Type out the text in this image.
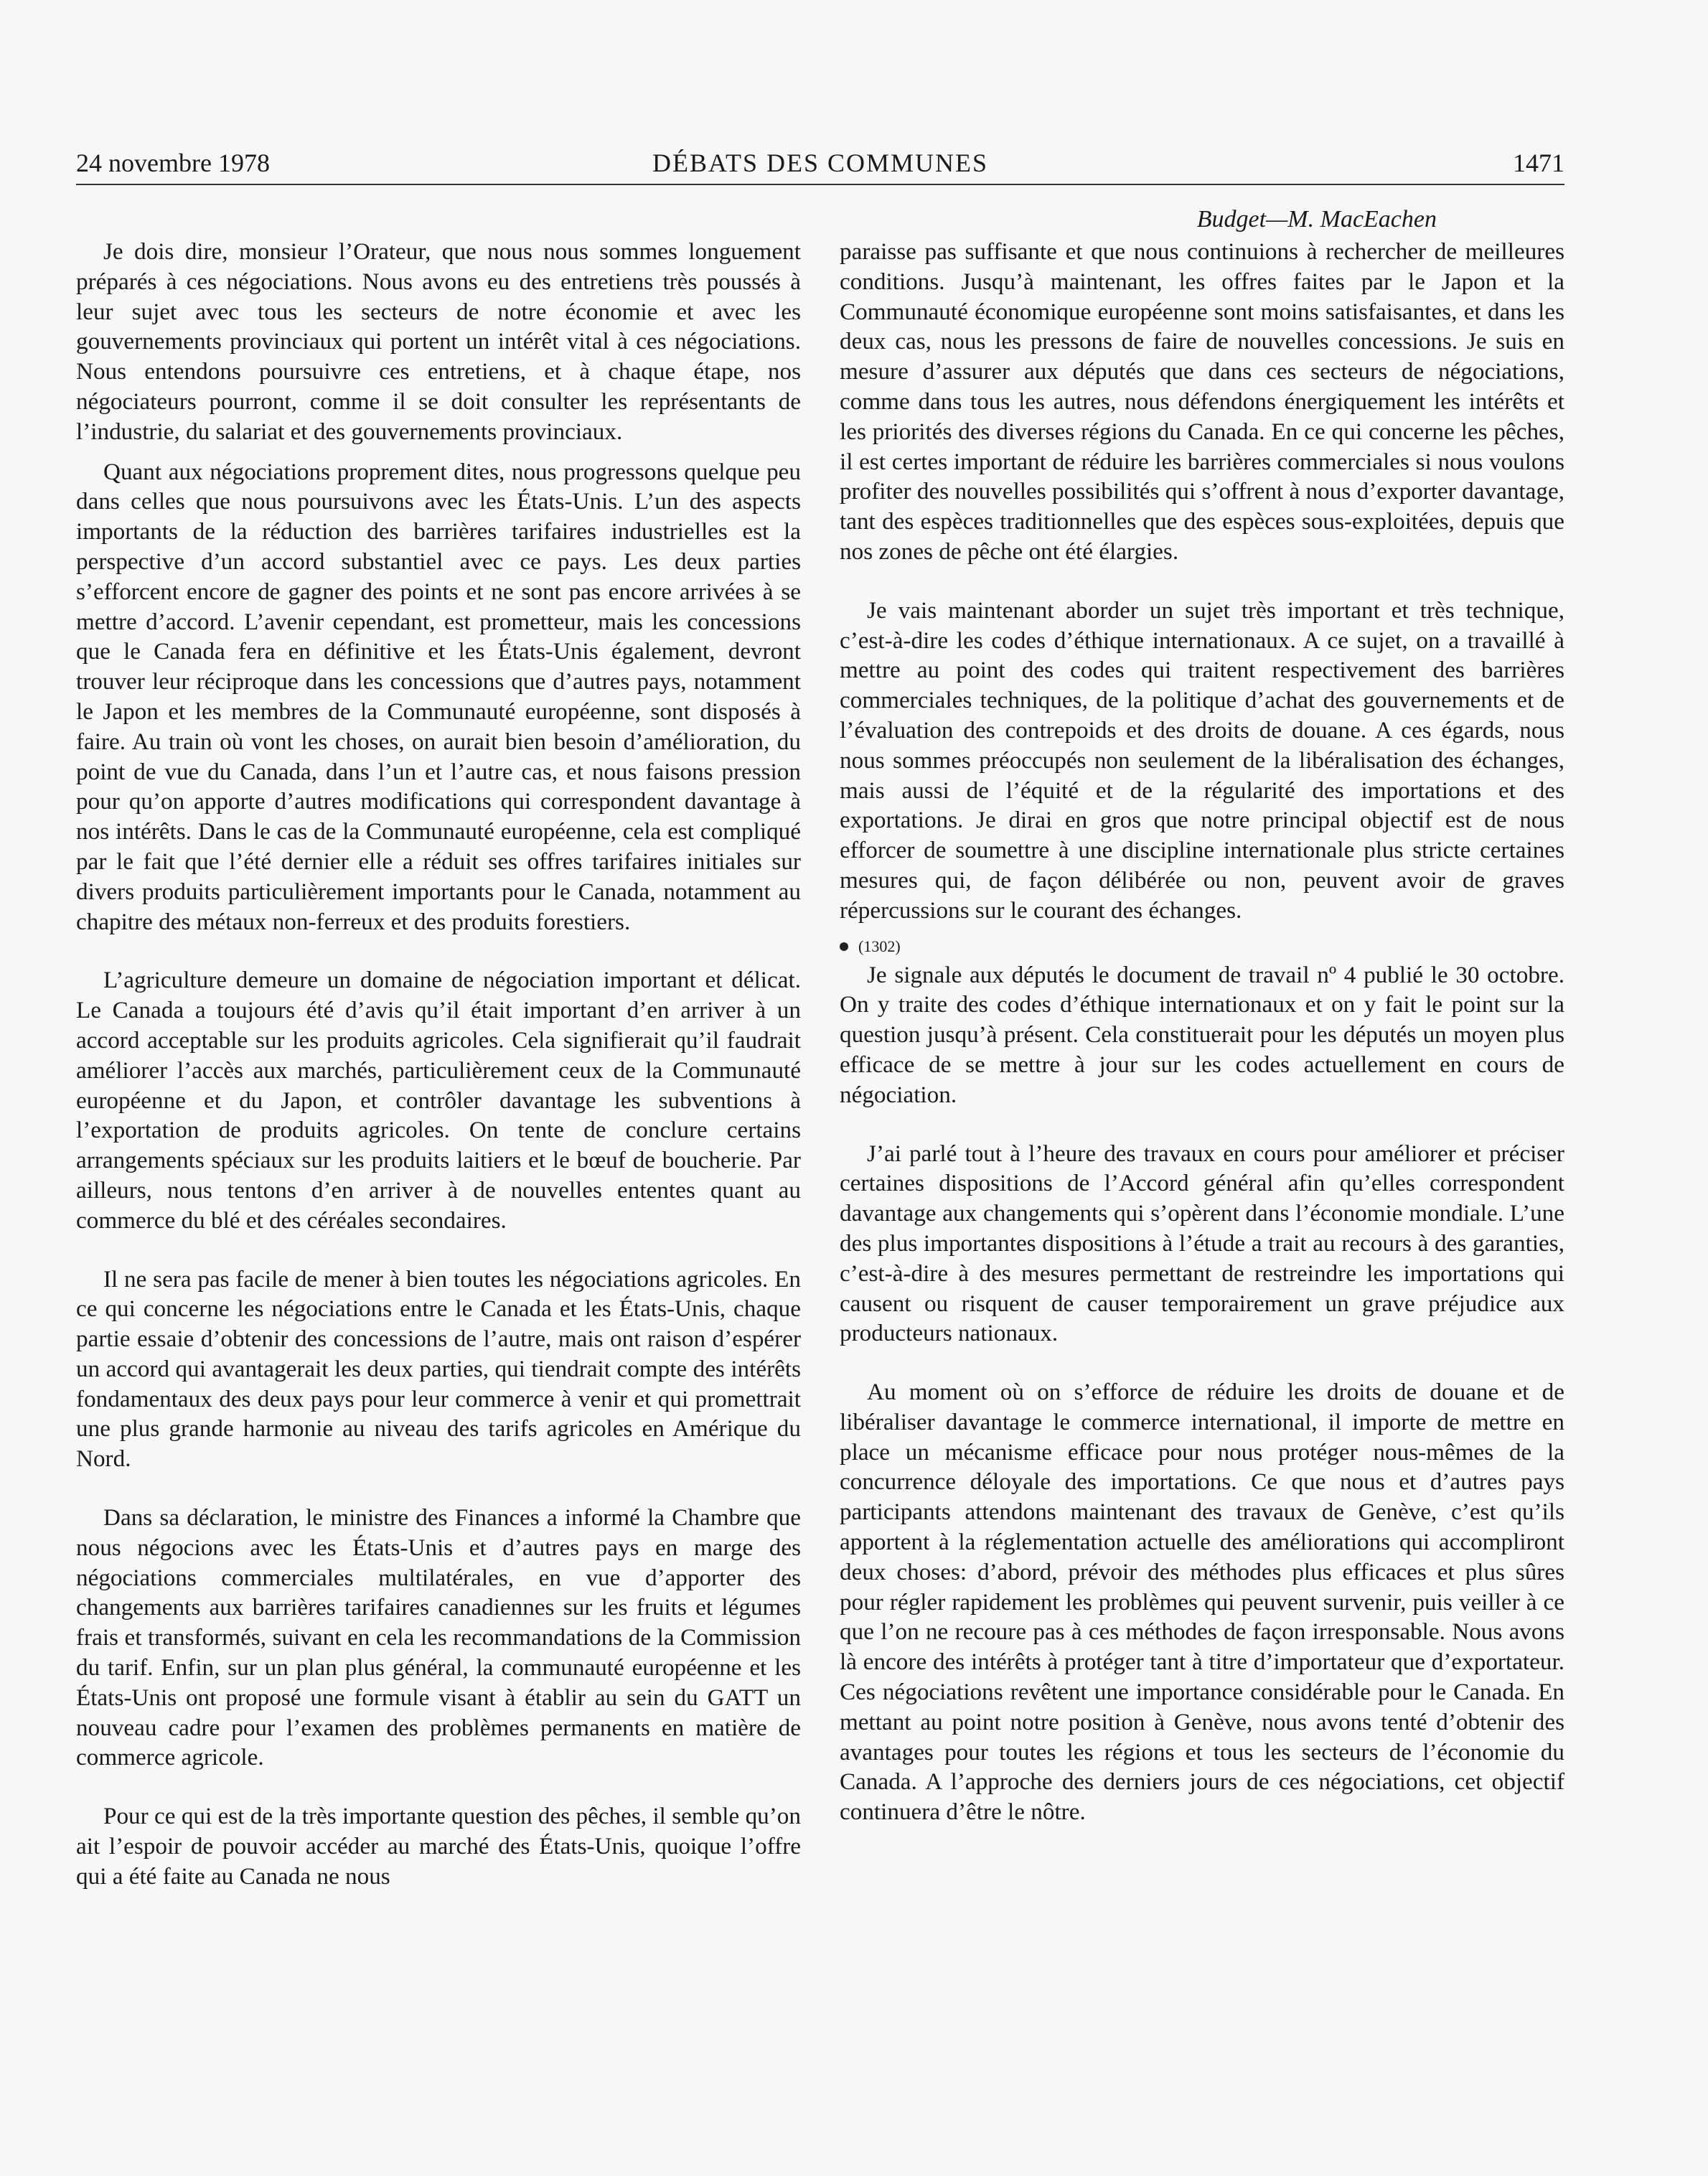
24 novembre 1978	DÉBATS DES COMMUNES	1471

Je dois dire, monsieur l’Orateur, que nous nous sommes longuement préparés à ces négociations. Nous avons eu des entretiens très poussés à leur sujet avec tous les secteurs de notre économie et avec les gouvernements provinciaux qui portent un intérêt vital à ces négociations. Nous entendons poursuivre ces entretiens, et à chaque étape, nos négociateurs pourront, comme il se doit consulter les représentants de l’industrie, du salariat et des gouvernements provinciaux.

Quant aux négociations proprement dites, nous progressons quelque peu dans celles que nous poursuivons avec les États-Unis. L’un des aspects importants de la réduction des barrières tarifaires industrielles est la perspective d’un accord substantiel avec ce pays. Les deux parties s’efforcent encore de gagner des points et ne sont pas encore arrivées à se mettre d’accord. L’avenir cependant, est prometteur, mais les concessions que le Canada fera en définitive et les États-Unis également, devront trouver leur réciproque dans les concessions que d’autres pays, notamment le Japon et les membres de la Communauté européenne, sont disposés à faire. Au train où vont les choses, on aurait bien besoin d’amélioration, du point de vue du Canada, dans l’un et l’autre cas, et nous faisons pression pour qu’on apporte d’autres modifications qui correspondent davantage à nos intérêts. Dans le cas de la Communauté européenne, cela est compliqué par le fait que l’été dernier elle a réduit ses offres tarifaires initiales sur divers produits particulièrement importants pour le Canada, notamment au chapitre des métaux non-ferreux et des produits forestiers.

L’agriculture demeure un domaine de négociation important et délicat. Le Canada a toujours été d’avis qu’il était important d’en arriver à un accord acceptable sur les produits agricoles. Cela signifierait qu’il faudrait améliorer l’accès aux marchés, particulièrement ceux de la Communauté européenne et du Japon, et contrôler davantage les subventions à l’exportation de produits agricoles. On tente de conclure certains arrangements spéciaux sur les produits laitiers et le bœuf de boucherie. Par ailleurs, nous tentons d’en arriver à de nouvelles ententes quant au commerce du blé et des céréales secondaires.

Il ne sera pas facile de mener à bien toutes les négociations agricoles. En ce qui concerne les négociations entre le Canada et les États-Unis, chaque partie essaie d’obtenir des concessions de l’autre, mais ont raison d’espérer un accord qui avantagerait les deux parties, qui tiendrait compte des intérêts fondamentaux des deux pays pour leur commerce à venir et qui promettrait une plus grande harmonie au niveau des tarifs agricoles en Amérique du Nord.

Dans sa déclaration, le ministre des Finances a informé la Chambre que nous négocions avec les États-Unis et d’autres pays en marge des négociations commerciales multilatérales, en vue d’apporter des changements aux barrières tarifaires canadiennes sur les fruits et légumes frais et transformés, suivant en cela les recommandations de la Commission du tarif. Enfin, sur un plan plus général, la communauté européenne et les États-Unis ont proposé une formule visant à établir au sein du GATT un nouveau cadre pour l’examen des problèmes permanents en matière de commerce agricole.

Pour ce qui est de la très importante question des pêches, il semble qu’on ait l’espoir de pouvoir accéder au marché des États-Unis, quoique l’offre qui a été faite au Canada ne nous

Budget—M. MacEachen

paraisse pas suffisante et que nous continuions à rechercher de meilleures conditions. Jusqu’à maintenant, les offres faites par le Japon et la Communauté économique européenne sont moins satisfaisantes, et dans les deux cas, nous les pressons de faire de nouvelles concessions. Je suis en mesure d’assurer aux députés que dans ces secteurs de négociations, comme dans tous les autres, nous défendons énergiquement les intérêts et les priorités des diverses régions du Canada. En ce qui concerne les pêches, il est certes important de réduire les barrières commerciales si nous voulons profiter des nouvelles possibilités qui s’offrent à nous d’exporter davantage, tant des espèces traditionnelles que des espèces sous-exploitées, depuis que nos zones de pêche ont été élargies.

Je vais maintenant aborder un sujet très important et très technique, c’est-à-dire les codes d’éthique internationaux. A ce sujet, on a travaillé à mettre au point des codes qui traitent respectivement des barrières commerciales techniques, de la politique d’achat des gouvernements et de l’évaluation des contrepoids et des droits de douane. A ces égards, nous nous sommes préoccupés non seulement de la libéralisation des échanges, mais aussi de l’équité et de la régularité des importations et des exportations. Je dirai en gros que notre principal objectif est de nous efforcer de soumettre à une discipline internationale plus stricte certaines mesures qui, de façon délibérée ou non, peuvent avoir de graves répercussions sur le courant des échanges.

(1302)

Je signale aux députés le document de travail nº 4 publié le 30 octobre. On y traite des codes d’éthique internationaux et on y fait le point sur la question jusqu’à présent. Cela constituerait pour les députés un moyen plus efficace de se mettre à jour sur les codes actuellement en cours de négociation.

J’ai parlé tout à l’heure des travaux en cours pour améliorer et préciser certaines dispositions de l’Accord général afin qu’elles correspondent davantage aux changements qui s’opèrent dans l’économie mondiale. L’une des plus importantes dispositions à l’étude a trait au recours à des garanties, c’est-à-dire à des mesures permettant de restreindre les importations qui causent ou risquent de causer temporairement un grave préjudice aux producteurs nationaux.

Au moment où on s’efforce de réduire les droits de douane et de libéraliser davantage le commerce international, il importe de mettre en place un mécanisme efficace pour nous protéger nous-mêmes de la concurrence déloyale des importations. Ce que nous et d’autres pays participants attendons maintenant des travaux de Genève, c’est qu’ils apportent à la réglementation actuelle des améliorations qui accompliront deux choses: d’abord, prévoir des méthodes plus efficaces et plus sûres pour régler rapidement les problèmes qui peuvent survenir, puis veiller à ce que l’on ne recoure pas à ces méthodes de façon irresponsable. Nous avons là encore des intérêts à protéger tant à titre d’importateur que d’exportateur. Ces négociations revêtent une importance considérable pour le Canada. En mettant au point notre position à Genève, nous avons tenté d’obtenir des avantages pour toutes les régions et tous les secteurs de l’économie du Canada. A l’approche des derniers jours de ces négociations, cet objectif continuera d’être le nôtre.
